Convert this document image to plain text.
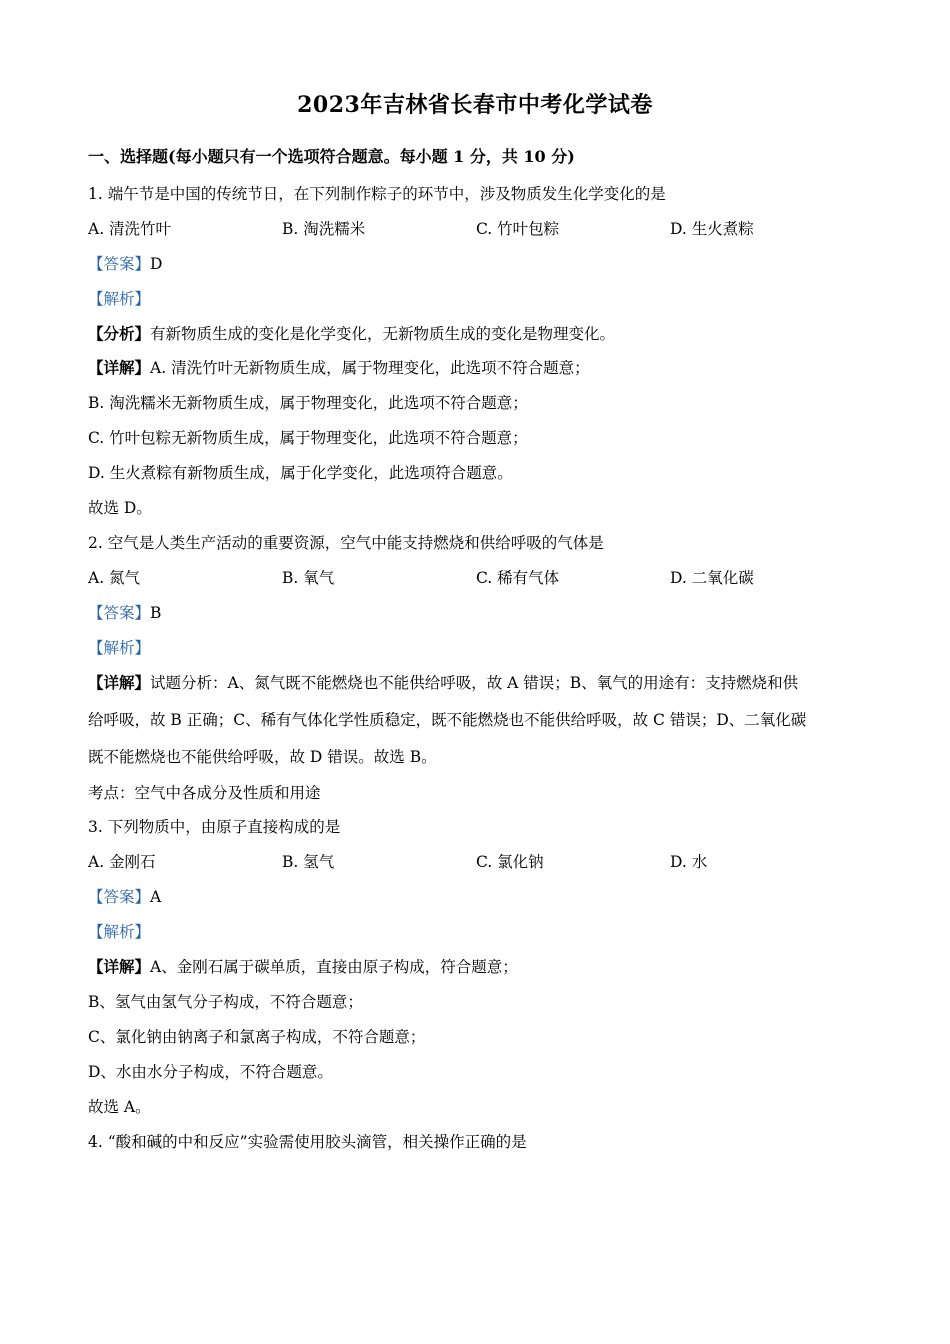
2023年吉林省长春市中考化学试卷
一、选择题(每小题只有一个选项符合题意。每小题 1 分，共 10 分)
1. 端午节是中国的传统节日，在下列制作粽子的环节中，涉及物质发生化学变化的是
A. 清洗竹叶	B. 淘洗糯米	C. 竹叶包粽	D. 生火煮粽
【答案】D
【解析】
【分析】有新物质生成的变化是化学变化，无新物质生成的变化是物理变化。
【详解】A. 清洗竹叶无新物质生成，属于物理变化，此选项不符合题意；
B. 淘洗糯米无新物质生成，属于物理变化，此选项不符合题意；
C. 竹叶包粽无新物质生成，属于物理变化，此选项不符合题意；
D. 生火煮粽有新物质生成，属于化学变化，此选项符合题意。
故选 D。
2. 空气是人类生产活动的重要资源，空气中能支持燃烧和供给呼吸的气体是
A. 氮气	B. 氧气	C. 稀有气体	D. 二氧化碳
【答案】B
【解析】
【详解】试题分析：A、氮气既不能燃烧也不能供给呼吸，故 A 错误；B、氧气的用途有：支持燃烧和供
给呼吸，故 B 正确；C、稀有气体化学性质稳定，既不能燃烧也不能供给呼吸，故 C 错误；D、二氧化碳
既不能燃烧也不能供给呼吸，故 D 错误。故选 B。
考点：空气中各成分及性质和用途
3. 下列物质中，由原子直接构成的是
A. 金刚石	B. 氢气	C. 氯化钠	D. 水
【答案】A
【解析】
【详解】A、金刚石属于碳单质，直接由原子构成，符合题意；
B、氢气由氢气分子构成，不符合题意；
C、氯化钠由钠离子和氯离子构成，不符合题意；
D、水由水分子构成，不符合题意。
故选 A。
4. “酸和碱的中和反应”实验需使用胶头滴管，相关操作正确的是
